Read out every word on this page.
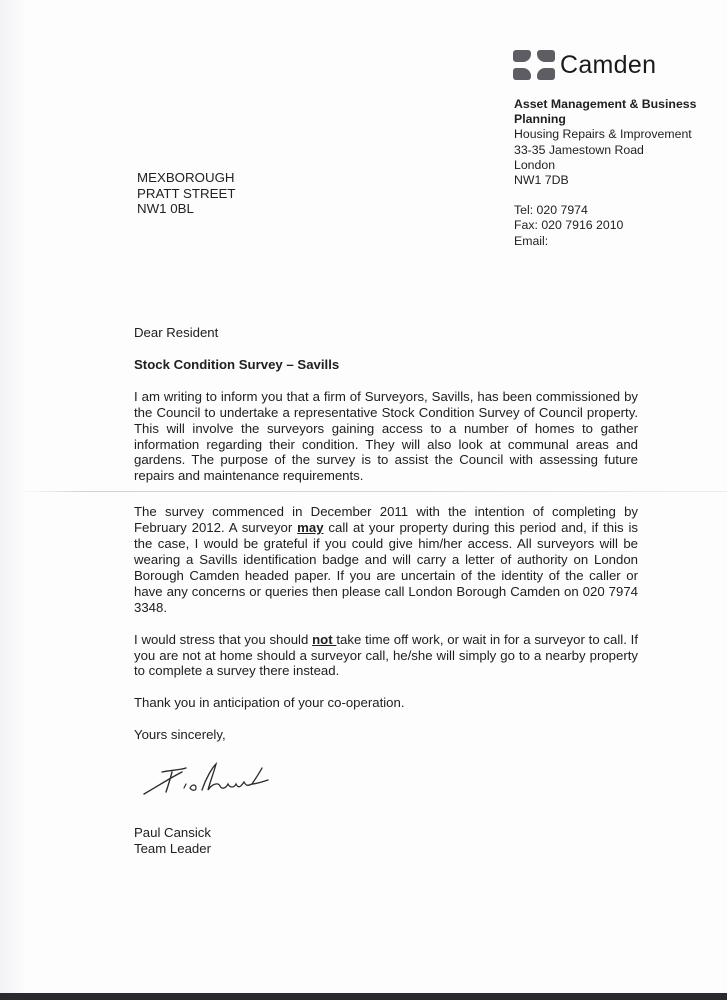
Camden
Asset Management & Business
Planning
Housing Repairs & Improvement
33-35 Jamestown Road
London
NW1 7DB
Tel: 020 7974
Fax: 020 7916 2010
Email:
MEXBOROUGH
PRATT STREET
NW1 0BL

Dear Resident

Stock Condition Survey – Savills

I am writing to inform you that a firm of Surveyors, Savills, has been commissioned by the Council to undertake a representative Stock Condition Survey of Council property. This will involve the surveyors gaining access to a number of homes to gather information regarding their condition. They will also look at communal areas and gardens. The purpose of the survey is to assist the Council with assessing future repairs and maintenance requirements.

The survey commenced in December 2011 with the intention of completing by February 2012. A surveyor may call at your property during this period and, if this is the case, I would be grateful if you could give him/her access. All surveyors will be wearing a Savills identification badge and will carry a letter of authority on London Borough Camden headed paper. If you are uncertain of the identity of the caller or have any concerns or queries then please call London Borough Camden on 020 7974 3348.

I would stress that you should not take time off work, or wait in for a surveyor to call. If you are not at home should a surveyor call, he/she will simply go to a nearby property to complete a survey there instead.

Thank you in anticipation of your co-operation.

Yours sincerely,

Paul Cansick
Team Leader
